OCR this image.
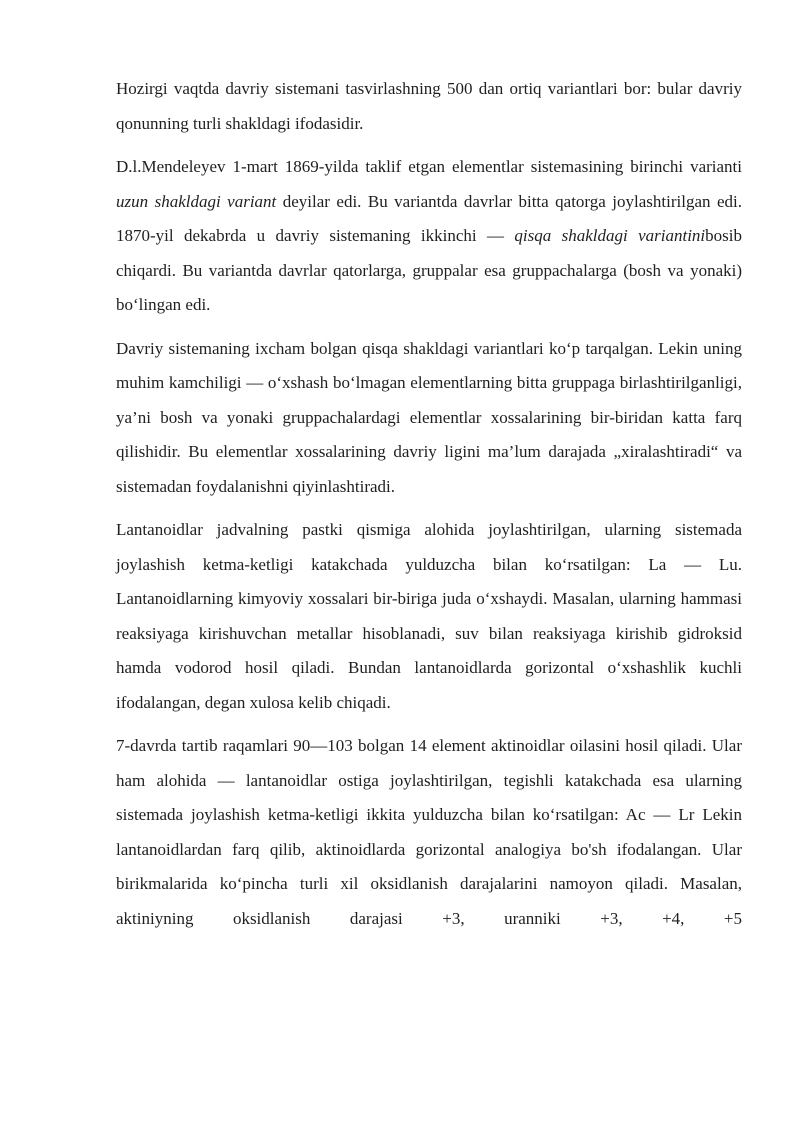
Hozirgi vaqtda davriy sistemani tasvirlashning 500 dan ortiq variantlari bor: bular davriy qonunning turli shakldagi ifodasidir.

D.l.Mendeleyev 1-mart 1869-yilda taklif etgan elementlar sistemasining birinchi varianti uzun shakldagi variant deyilar edi. Bu variantda davrlar bitta qatorga joylashtirilgan edi. 1870-yil dekabrda u davriy sistemaning ikkinchi — qisqa shakldagi variantinibosib chiqardi. Bu variantda davrlar qatorlarga, gruppalar esa gruppachalarga (bosh va yonaki) bo‘lingan edi.

Davriy sistemaning ixcham bolgan qisqa shakldagi variantlari ko‘p tarqalgan. Lekin uning muhim kamchiligi — o‘xshash bo‘lmagan elementlarning bitta gruppaga birlashtirilganligi, ya’ni bosh va yonaki gruppachalardagi elementlar xossalarining bir-biridan katta farq qilishidir. Bu elementlar xossalarining davriy ligini ma’lum darajada „xiralashtiradi“ va sistemadan foydalanishni qiyinlashtiradi.

Lantanoidlar jadvalning pastki qismiga alohida joylashtirilgan, ularning sistemada joylashish ketma-ketligi katakchada yulduzcha bilan ko‘rsatilgan: La — Lu. Lantanoidlarning kimyoviy xossalari bir-biriga juda o‘xshaydi. Masalan, ularning hammasi reaksiyaga kirishuvchan metallar hisoblanadi, suv bilan reaksiyaga kirishib gidroksid hamda vodorod hosil qiladi. Bundan lantanoidlarda gorizontal o‘xshashlik kuchli ifodalangan, degan xulosa kelib chiqadi.

7-davrda tartib raqamlari 90—103 bolgan 14 element aktinoidlar oilasini hosil qiladi. Ular ham alohida — lantanoidlar ostiga joylashtirilgan, tegishli katakchada esa ularning sistemada joylashish ketma-ketligi ikkita yulduzcha bilan ko‘rsatilgan: Ac — Lr Lekin lantanoidlardan farq qilib, aktinoidlarda gorizontal analogiya bo'sh ifodalangan. Ular birikmalarida ko‘pincha turli xil oksidlanish darajalarini namoyon qiladi. Masalan, aktiniyning oksidlanish darajasi +3, uranniki +3, +4, +5
